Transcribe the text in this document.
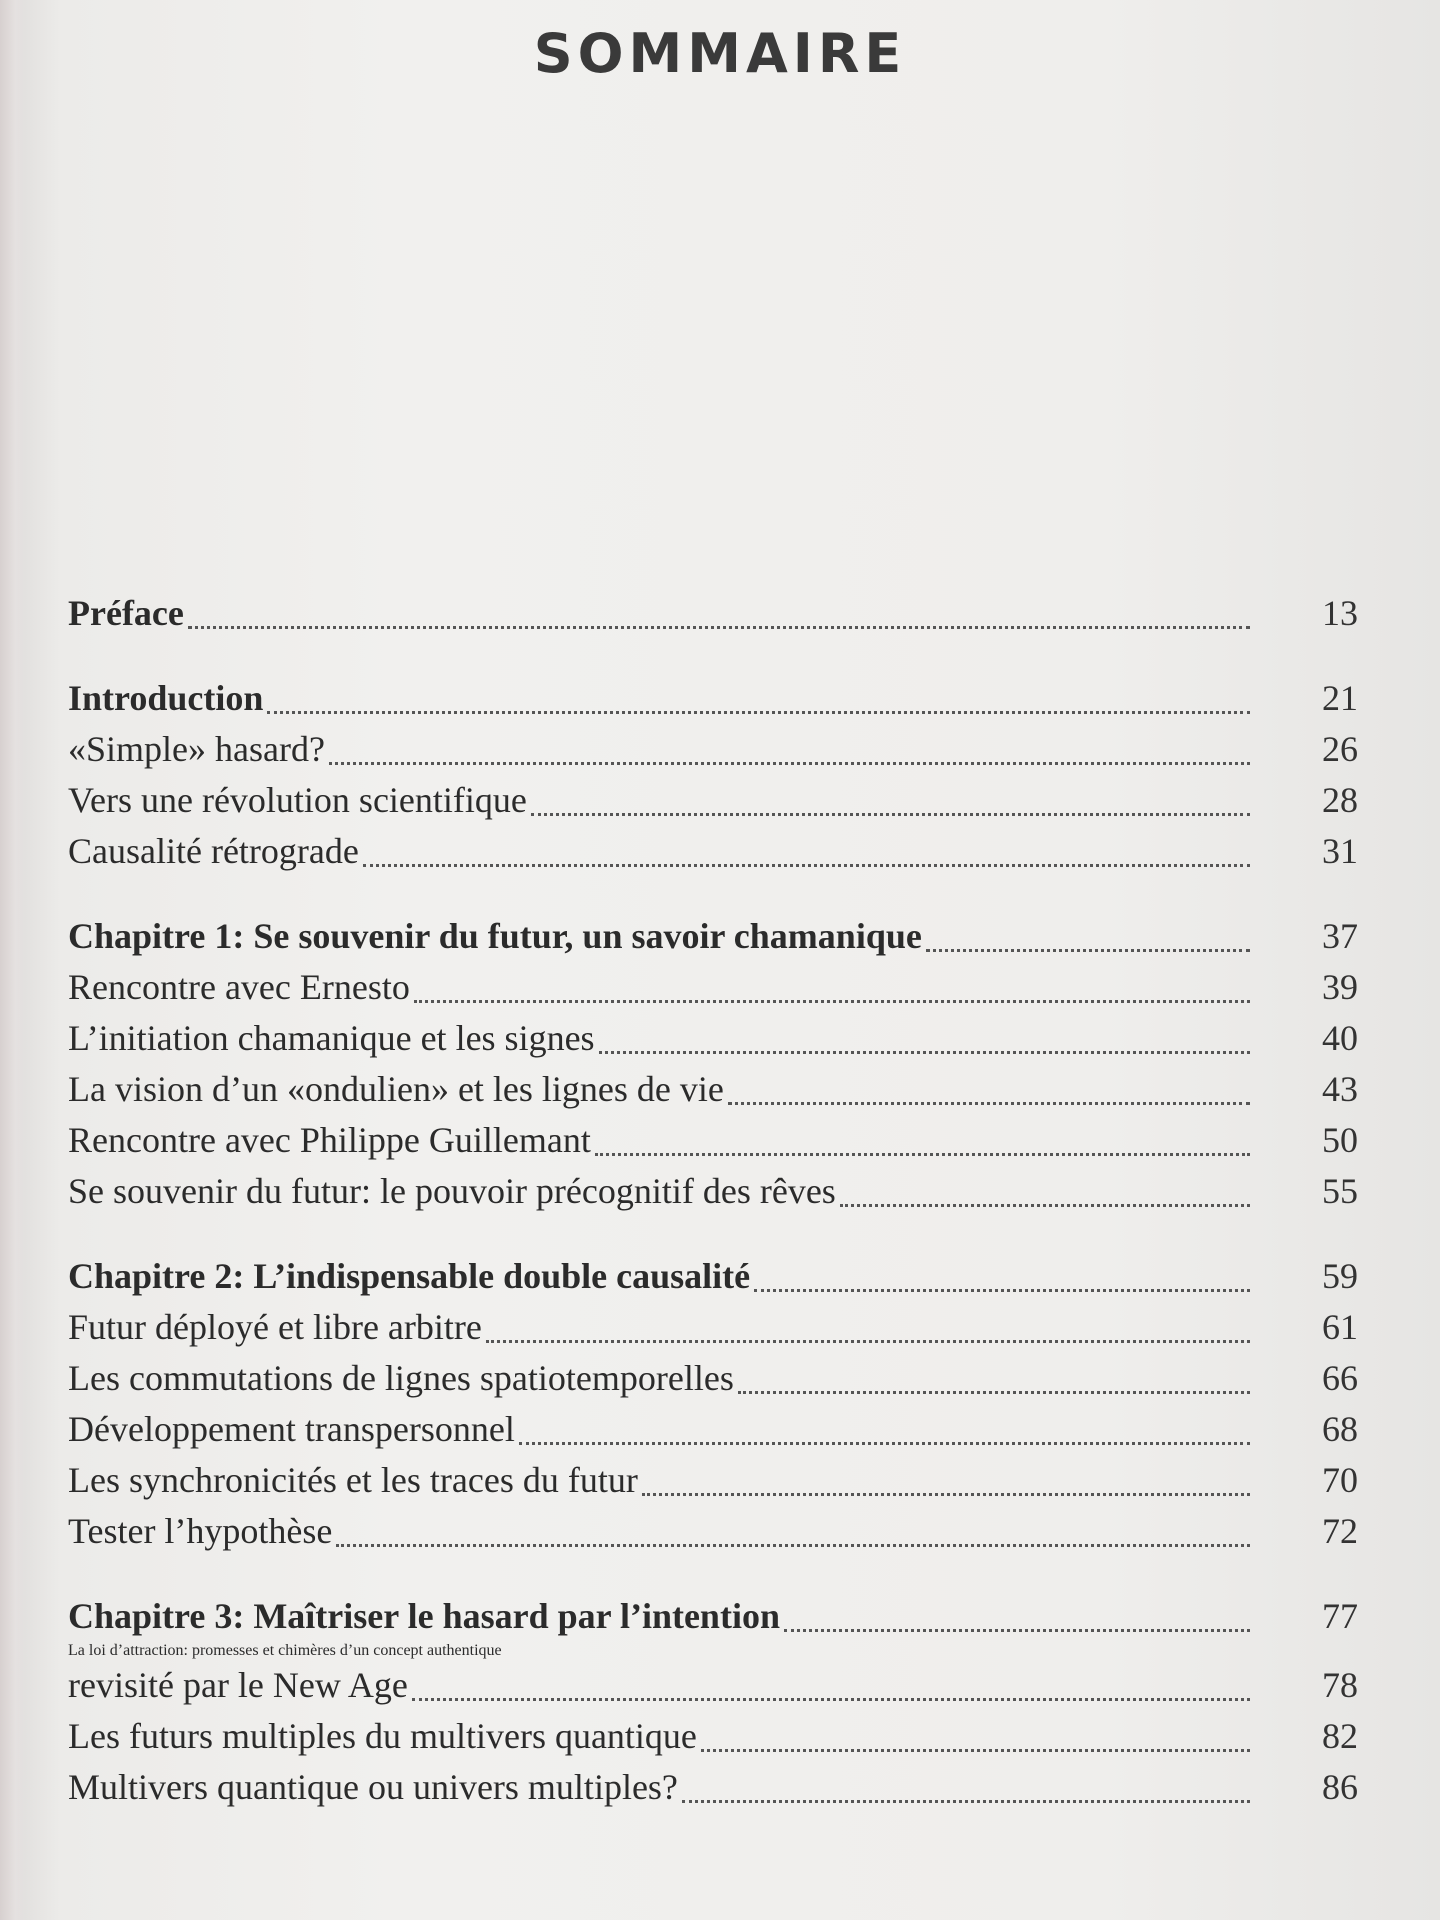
SOMMAIRE
Préface	13
Introduction	21
«Simple» hasard?	26
Vers une révolution scientifique	28
Causalité rétrograde	31
Chapitre 1: Se souvenir du futur, un savoir chamanique	37
Rencontre avec Ernesto	39
L’initiation chamanique et les signes	40
La vision d’un «ondulien» et les lignes de vie	43
Rencontre avec Philippe Guillemant	50
Se souvenir du futur: le pouvoir précognitif des rêves	55
Chapitre 2: L’indispensable double causalité	59
Futur déployé et libre arbitre	61
Les commutations de lignes spatiotemporelles	66
Développement transpersonnel	68
Les synchronicités et les traces du futur	70
Tester l’hypothèse	72
Chapitre 3: Maîtriser le hasard par l’intention	77
La loi d’attraction: promesses et chimères d’un concept authentique
revisité par le New Age	78
Les futurs multiples du multivers quantique	82
Multivers quantique ou univers multiples?	86
